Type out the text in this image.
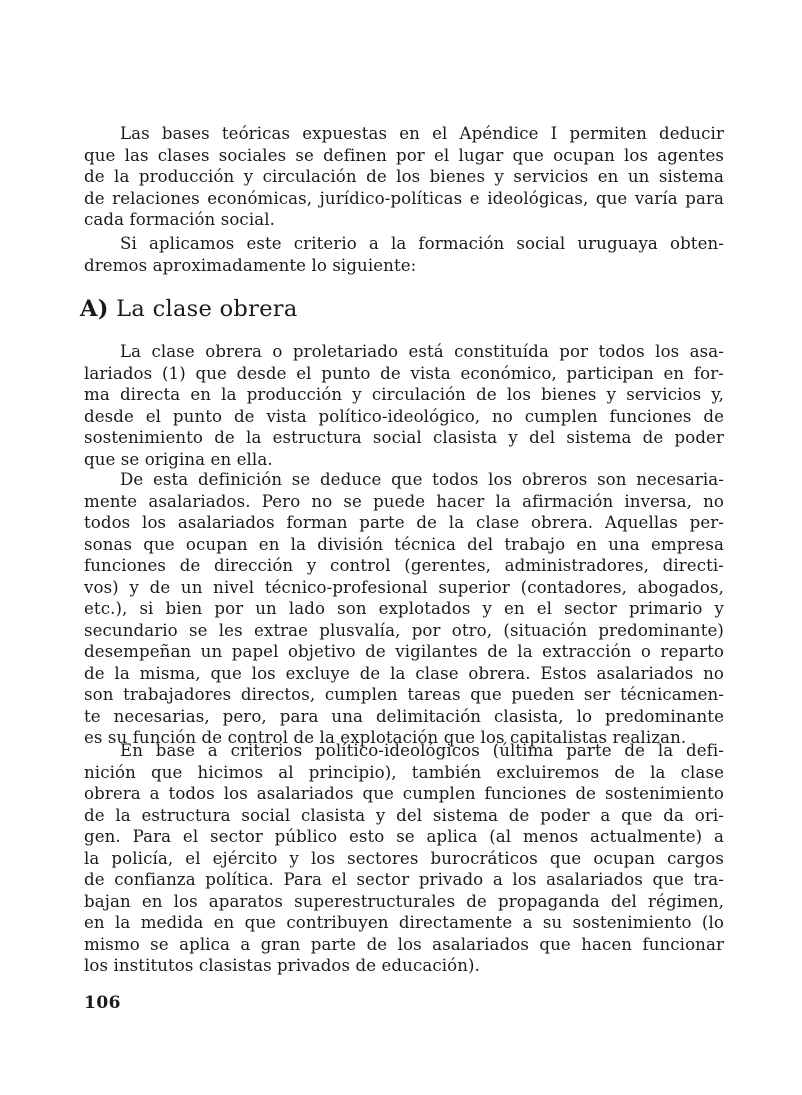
Las bases teóricas expuestas en el Apéndice I permiten deducir
que las clases sociales se definen por el lugar que ocupan los agentes
de la producción y circulación de los bienes y servicios en un sistema
de relaciones económicas, jurídico-políticas e ideológicas, que varía para
cada formación social.
Si aplicamos este criterio a la formación social uruguaya obten-
dremos aproximadamente lo siguiente:
A) La clase obrera
La clase obrera o proletariado está constituída por todos los asa-
lariados (1) que desde el punto de vista económico, participan en for-
ma directa en la producción y circulación de los bienes y servicios y,
desde el punto de vista político-ideológico, no cumplen funciones de
sostenimiento de la estructura social clasista y del sistema de poder
que se origina en ella.
De esta definición se deduce que todos los obreros son necesaria-
mente asalariados. Pero no se puede hacer la afirmación inversa, no
todos los asalariados forman parte de la clase obrera. Aquellas per-
sonas que ocupan en la división técnica del trabajo en una empresa
funciones de dirección y control (gerentes, administradores, directi-
vos) y de un nivel técnico-profesional superior (contadores, abogados,
etc.), si bien por un lado son explotados y en el sector primario y
secundario se les extrae plusvalía, por otro, (situación predominante)
desempeñan un papel objetivo de vigilantes de la extracción o reparto
de la misma, que los excluye de la clase obrera. Estos asalariados no
son trabajadores directos, cumplen tareas que pueden ser técnicamen-
te necesarias, pero, para una delimitación clasista, lo predominante
es su función de control de la explotación que los capitalistas realizan.
En base a criterios político-ideológicos (última parte de la defi-
nición que hicimos al principio), también excluiremos de la clase
obrera a todos los asalariados que cumplen funciones de sostenimiento
de la estructura social clasista y del sistema de poder a que da ori-
gen. Para el sector público esto se aplica (al menos actualmente) a
la policía, el ejército y los sectores burocráticos que ocupan cargos
de confianza política. Para el sector privado a los asalariados que tra-
bajan en los aparatos superestructurales de propaganda del régimen,
en la medida en que contribuyen directamente a su sostenimiento (lo
mismo se aplica a gran parte de los asalariados que hacen funcionar
los institutos clasistas privados de educación).
106
